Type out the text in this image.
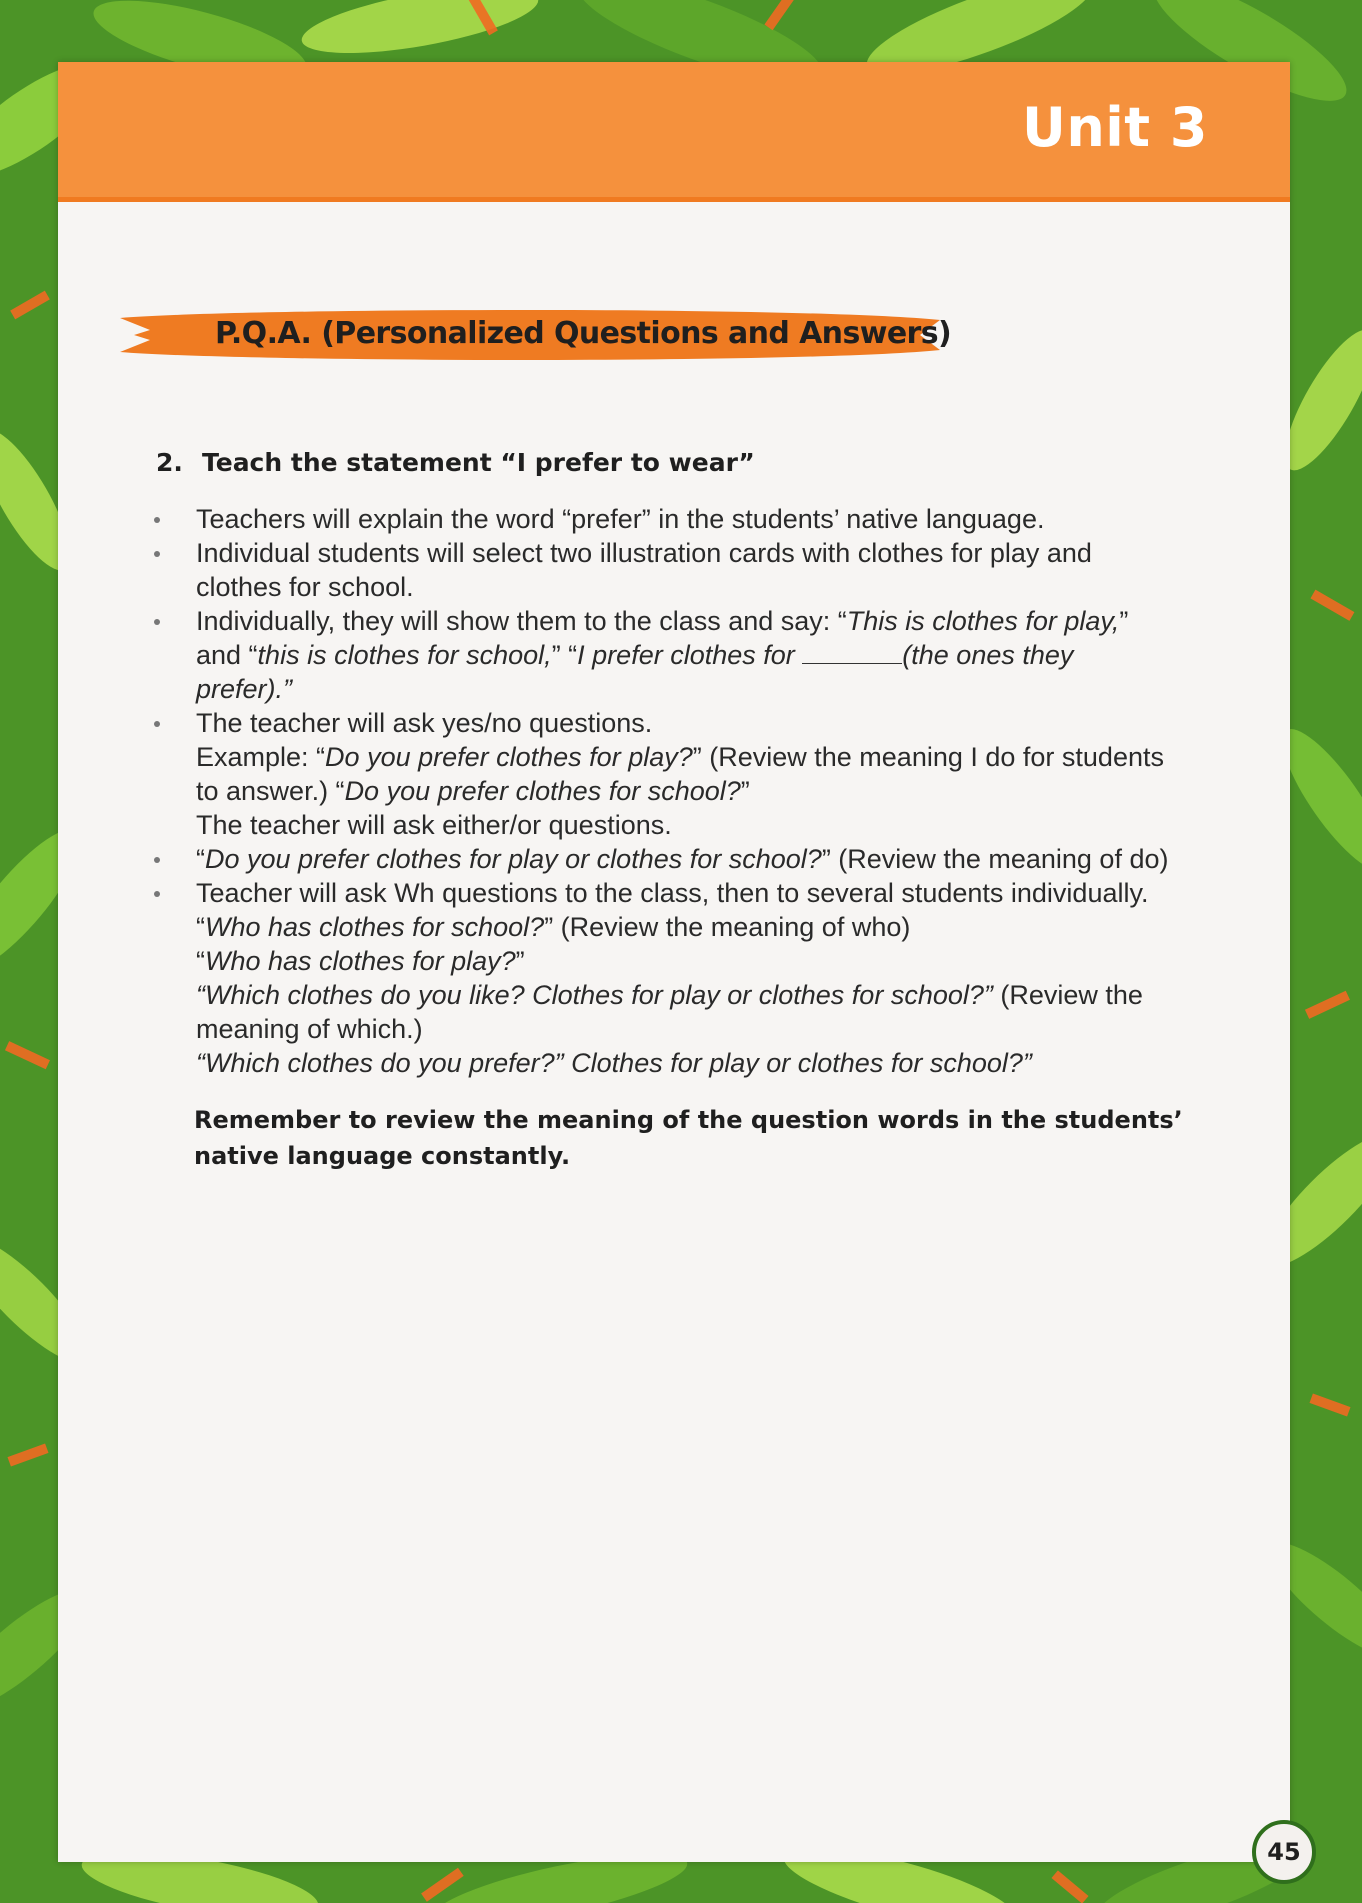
Unit 3
P.Q.A. (Personalized Questions and Answers)
2. Teach the statement “I prefer to wear”
Teachers will explain the word “prefer” in the students’ native language.
Individual students will select two illustration cards with clothes for play and
clothes for school.
Individually, they will show them to the class and say: “This is clothes for play,”
and “this is clothes for school,” “I prefer clothes for	(the ones they
prefer).”
The teacher will ask yes/no questions.
Example: “Do you prefer clothes for play?” (Review the meaning I do for students
to answer.) “Do you prefer clothes for school?”
The teacher will ask either/or questions.
“Do you prefer clothes for play or clothes for school?” (Review the meaning of do)
Teacher will ask Wh questions to the class, then to several students individually.
“Who has clothes for school?” (Review the meaning of who)
“Who has clothes for play?”
“Which clothes do you like? Clothes for play or clothes for school?” (Review the
meaning of which.)
“Which clothes do you prefer?” Clothes for play or clothes for school?”
Remember to review the meaning of the question words in the students’
native language constantly.
45
